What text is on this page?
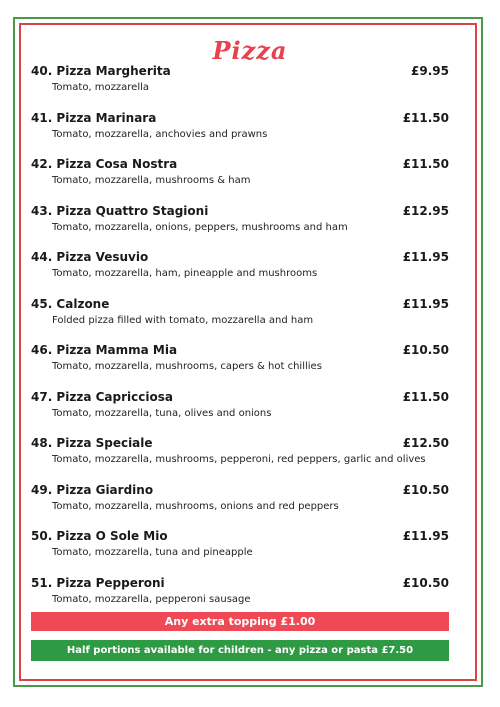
Pizza
40. Pizza Margherita	£9.95
Tomato, mozzarella
41. Pizza Marinara	£11.50
Tomato, mozzarella, anchovies and prawns
42. Pizza Cosa Nostra	£11.50
Tomato, mozzarella, mushrooms & ham
43. Pizza Quattro Stagioni	£12.95
Tomato, mozzarella, onions, peppers, mushrooms and ham
44. Pizza Vesuvio	£11.95
Tomato, mozzarella, ham, pineapple and mushrooms
45. Calzone	£11.95
Folded pizza filled with tomato, mozzarella and ham
46. Pizza Mamma Mia	£10.50
Tomato, mozzarella, mushrooms, capers & hot chillies
47. Pizza Capricciosa	£11.50
Tomato, mozzarella, tuna, olives and onions
48. Pizza Speciale	£12.50
Tomato, mozzarella, mushrooms, pepperoni, red peppers, garlic and olives
49. Pizza Giardino	£10.50
Tomato, mozzarella, mushrooms, onions and red peppers
50. Pizza O Sole Mio	£11.95
Tomato, mozzarella, tuna and pineapple
51. Pizza Pepperoni	£10.50
Tomato, mozzarella, pepperoni sausage
Any extra topping £1.00
Half portions available for children - any pizza or pasta £7.50
